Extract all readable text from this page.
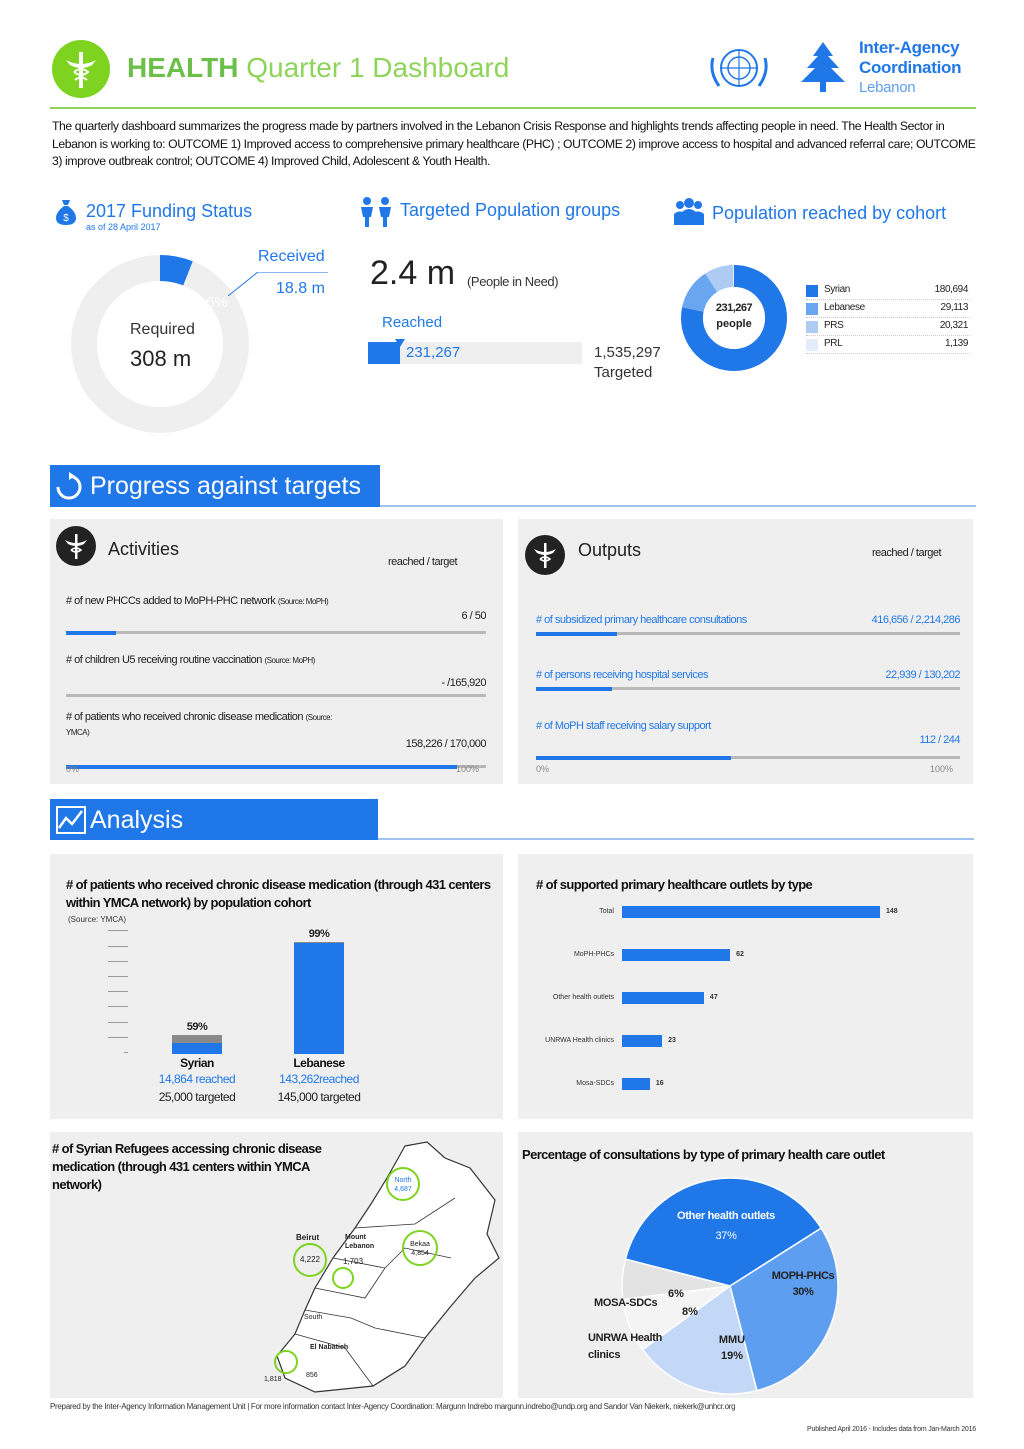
HEALTH Quarter 1 Dashboard
Inter-Agency
Coordination
Lebanon
The quarterly dashboard summarizes the progress made by partners involved in the Lebanon Crisis Response and highlights trends affecting people in need. The Health Sector in Lebanon is working to: OUTCOME 1) Improved access to comprehensive primary healthcare (PHC) ; OUTCOME 2) improve access to hospital and advanced referral care; OUTCOME 3) improve outbreak control; OUTCOME 4) Improved Child, Adolescent & Youth Health.
$ 2017 Funding Status
as of 28 April 2017
6%
Received
18.8 m
Required
308 m
Targeted Population groups
2.4 m (People in Need)
Reached
231,267	1,535,297
Targeted
Population reached by cohort
231,267
people
Syrian	180,694
Lebanese	29,113
PRS	20,321
PRL	1,139
Progress against targets
Activities
reached / target
# of new PHCCs added to MoPH-PHC network (Source: MoPH)
6 / 50
# of children U5 receiving routine vaccination (Source: MoPH)
- /165,920
# of patients who received chronic disease medication (Source: YMCA)
158,226 / 170,000
0%	100%
Outputs	reached / target
# of subsidized primary healthcare consultations	416,656 / 2,214,286
# of persons receiving hospital services	22,939 / 130,202
# of MoPH staff receiving salary support
112 / 244
0%	100%
Analysis
# of patients who received chronic disease medication (through 431 centers within YMCA network) by population cohort
(Source: YMCA)
59%
Syrian
14,864 reached
25,000 targeted
99%
Lebanese
143,262reached
145,000 targeted
# of supported primary healthcare outlets by type
Total	148
MoPH-PHCs	62
Other health outlets	47
UNRWA Health clinics	23
Mosa-SDCs	16
# of Syrian Refugees accessing chronic disease medication (through 431 centers within YMCA network)	North
4,687
Beirut
4,222
Mount Lebanon
1,703
Bekaa
4,854
South
El Nabatieh
856
1,818
Percentage of consultations by type of primary health care outlet
Other health outlets
37%
MOPH-PHCs
30%
MMU
19%
UNRWA Health clinics
8%
MOSA-SDCs
6%
Prepared by the Inter-Agency Information Management Unit | For more information contact Inter-Agency Coordination: Margunn Indrebo margunn.indrebo@undp.org and Sandor Van Niekerk, niekerk@unhcr.org
Published April 2016 - Includes data from Jan-March 2016
